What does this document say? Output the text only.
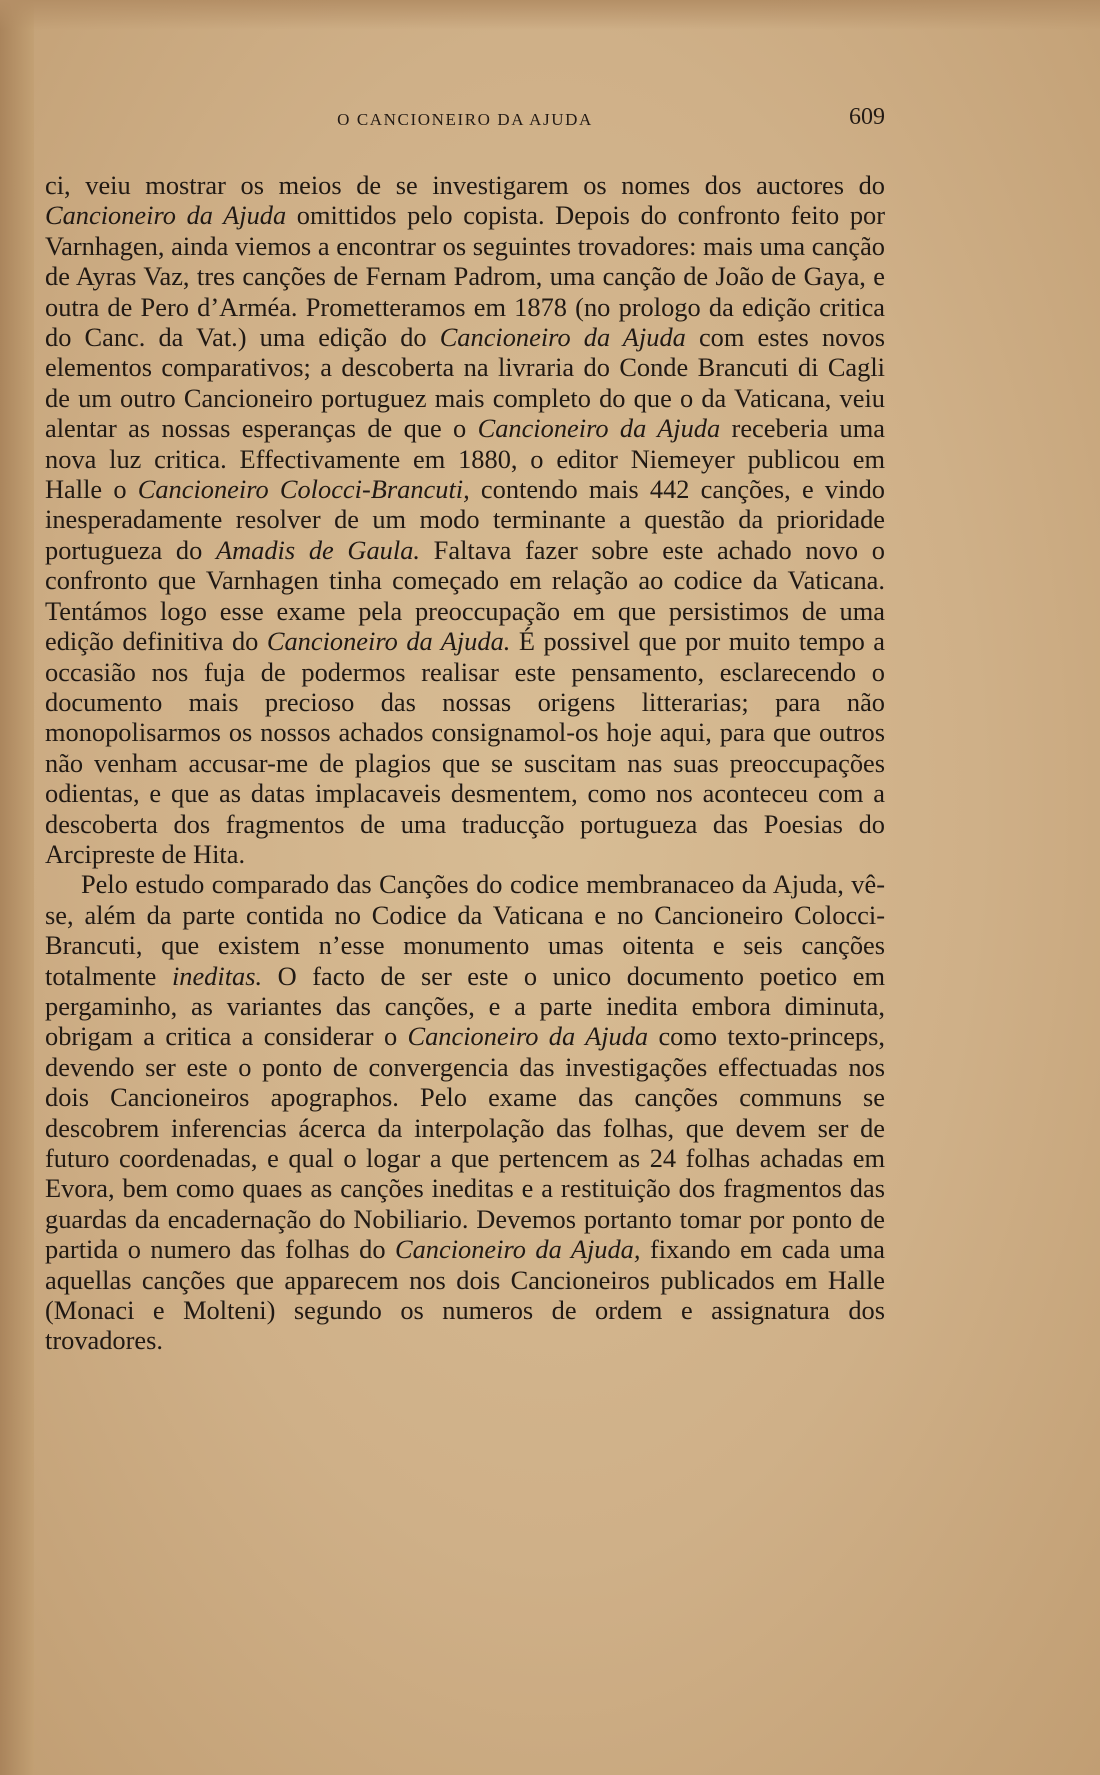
O CANCIONEIRO DA AJUDA	609

ci, veiu mostrar os meios de se investigarem os nomes dos auctores do Cancioneiro da Ajuda omittidos pelo copista. Depois do confronto feito por Varnhagen, ainda viemos a encontrar os seguintes trovadores: mais uma canção de Ayras Vaz, tres canções de Fernam Padrom, uma canção de João de Gaya, e outra de Pero d’Arméa. Prometteramos em 1878 (no prologo da edição critica do Canc. da Vat.) uma edição do Cancioneiro da Ajuda com estes novos elementos comparativos; a descoberta na livraria do Conde Brancuti di Cagli de um outro Cancioneiro portuguez mais completo do que o da Vaticana, veiu alentar as nossas esperanças de que o Cancioneiro da Ajuda receberia uma nova luz critica. Effectivamente em 1880, o editor Niemeyer publicou em Halle o Cancioneiro Colocci-Brancuti, contendo mais 442 canções, e vindo inesperadamente resolver de um modo terminante a questão da prioridade portugueza do Amadis de Gaula. Faltava fazer sobre este achado novo o confronto que Varnhagen tinha começado em relação ao codice da Vaticana. Tentámos logo esse exame pela preoccupação em que persistimos de uma edição definitiva do Cancioneiro da Ajuda. É possivel que por muito tempo a occasião nos fuja de podermos realisar este pensamento, esclarecendo o documento mais precioso das nossas origens litterarias; para não monopolisarmos os nossos achados consignamol-os hoje aqui, para que outros não venham accusar-me de plagios que se suscitam nas suas preoccupações odientas, e que as datas implacaveis desmentem, como nos aconteceu com a descoberta dos fragmentos de uma traducção portugueza das Poesias do Arcipreste de Hita.

Pelo estudo comparado das Canções do codice membranaceo da Ajuda, vê-se, além da parte contida no Codice da Vaticana e no Cancioneiro Colocci-Brancuti, que existem n’esse monumento umas oitenta e seis canções totalmente ineditas. O facto de ser este o unico documento poetico em pergaminho, as variantes das canções, e a parte inedita embora diminuta, obrigam a critica a considerar o Cancioneiro da Ajuda como texto-princeps, devendo ser este o ponto de convergencia das investigações effectuadas nos dois Cancioneiros apographos. Pelo exame das canções communs se descobrem inferencias ácerca da interpolação das folhas, que devem ser de futuro coordenadas, e qual o logar a que pertencem as 24 folhas achadas em Evora, bem como quaes as canções ineditas e a restituição dos fragmentos das guardas da encadernação do Nobiliario. Devemos portanto tomar por ponto de partida o numero das folhas do Cancioneiro da Ajuda, fixando em cada uma aquellas canções que apparecem nos dois Cancioneiros publicados em Halle (Monaci e Molteni) segundo os numeros de ordem e assignatura dos trovadores.
